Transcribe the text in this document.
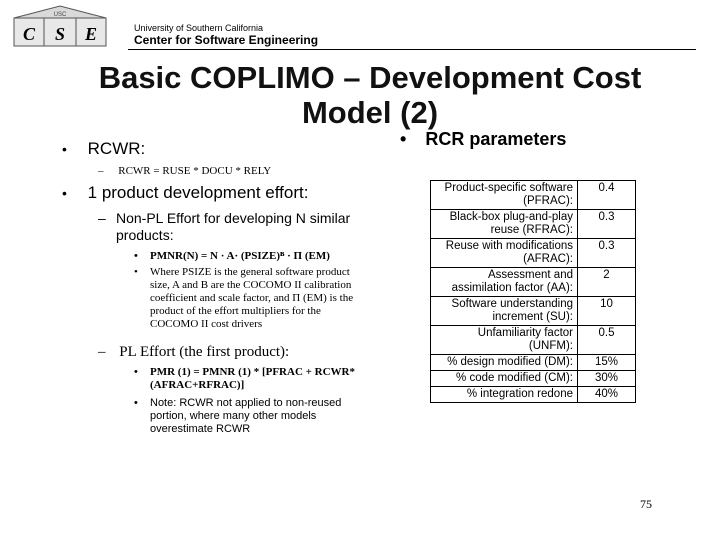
USC
C S E	University of Southern California
Center for Software Engineering
Basic COPLIMO – Development Cost
Model (2)
• RCWR:
– RCWR = RUSE * DOCU * RELY
• 1 product development effort:
– Non-PL Effort for developing N similar products:
• PMNR(N) = N · A· (PSIZE)ᴮ · Π (EM)
• Where PSIZE is the general software product size, A and B are the COCOMO II calibration coefficient and scale factor, and Π (EM) is the product of the effort multipliers for the COCOMO II cost drivers
– PL Effort (the first product):
• PMR (1) = PMNR (1) * [PFRAC + RCWR*(AFRAC+RFRAC)]
• Note: RCWR not applied to non-reused portion, where many other models overestimate RCWR
• RCR parameters
Product-specific software (PFRAC):	0.4
Black-box plug-and-play reuse (RFRAC):	0.3
Reuse with modifications (AFRAC):	0.3
Assessment and assimilation factor (AA):	2
Software understanding increment (SU):	10
Unfamiliarity factor (UNFM):	0.5
% design modified (DM):	15%
% code modified (CM):	30%
% integration redone	40%
75
